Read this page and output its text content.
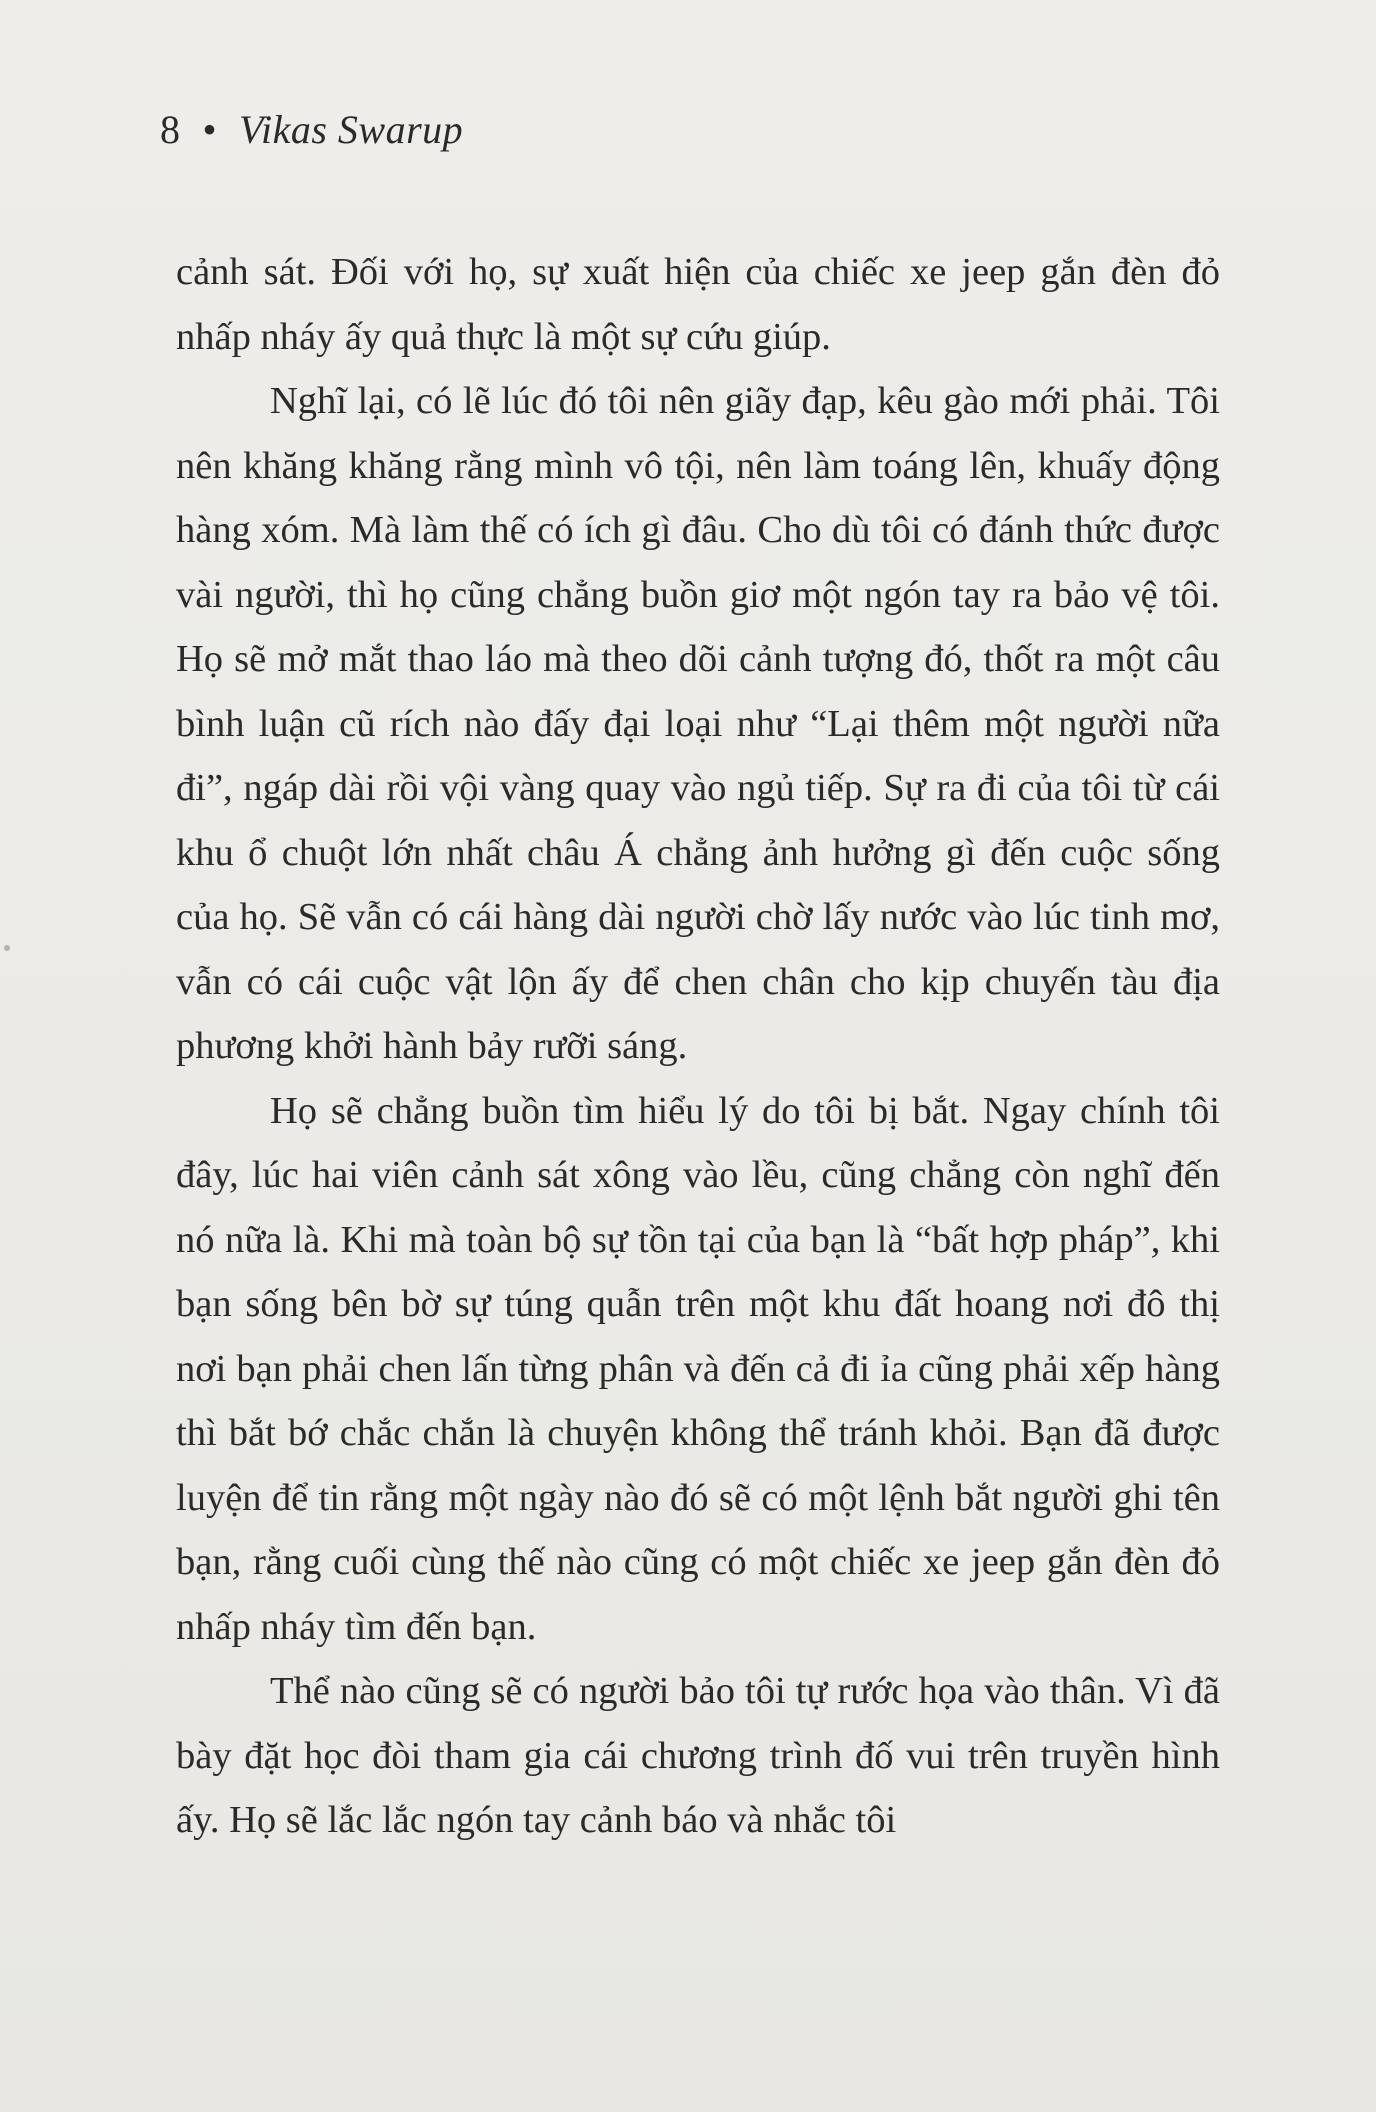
8 • Vikas Swarup

cảnh sát. Đối với họ, sự xuất hiện của chiếc xe jeep gắn đèn đỏ nhấp nháy ấy quả thực là một sự cứu giúp.

Nghĩ lại, có lẽ lúc đó tôi nên giãy đạp, kêu gào mới phải. Tôi nên khăng khăng rằng mình vô tội, nên làm toáng lên, khuấy động hàng xóm. Mà làm thế có ích gì đâu. Cho dù tôi có đánh thức được vài người, thì họ cũng chẳng buồn giơ một ngón tay ra bảo vệ tôi. Họ sẽ mở mắt thao láo mà theo dõi cảnh tượng đó, thốt ra một câu bình luận cũ rích nào đấy đại loại như “Lại thêm một người nữa đi”, ngáp dài rồi vội vàng quay vào ngủ tiếp. Sự ra đi của tôi từ cái khu ổ chuột lớn nhất châu Á chẳng ảnh hưởng gì đến cuộc sống của họ. Sẽ vẫn có cái hàng dài người chờ lấy nước vào lúc tinh mơ, vẫn có cái cuộc vật lộn ấy để chen chân cho kịp chuyến tàu địa phương khởi hành bảy rưỡi sáng.

Họ sẽ chẳng buồn tìm hiểu lý do tôi bị bắt. Ngay chính tôi đây, lúc hai viên cảnh sát xông vào lều, cũng chẳng còn nghĩ đến nó nữa là. Khi mà toàn bộ sự tồn tại của bạn là “bất hợp pháp”, khi bạn sống bên bờ sự túng quẫn trên một khu đất hoang nơi đô thị nơi bạn phải chen lấn từng phân và đến cả đi ỉa cũng phải xếp hàng thì bắt bớ chắc chắn là chuyện không thể tránh khỏi. Bạn đã được luyện để tin rằng một ngày nào đó sẽ có một lệnh bắt người ghi tên bạn, rằng cuối cùng thế nào cũng có một chiếc xe jeep gắn đèn đỏ nhấp nháy tìm đến bạn.

Thể nào cũng sẽ có người bảo tôi tự rước họa vào thân. Vì đã bày đặt học đòi tham gia cái chương trình đố vui trên truyền hình ấy. Họ sẽ lắc lắc ngón tay cảnh báo và nhắc tôi
